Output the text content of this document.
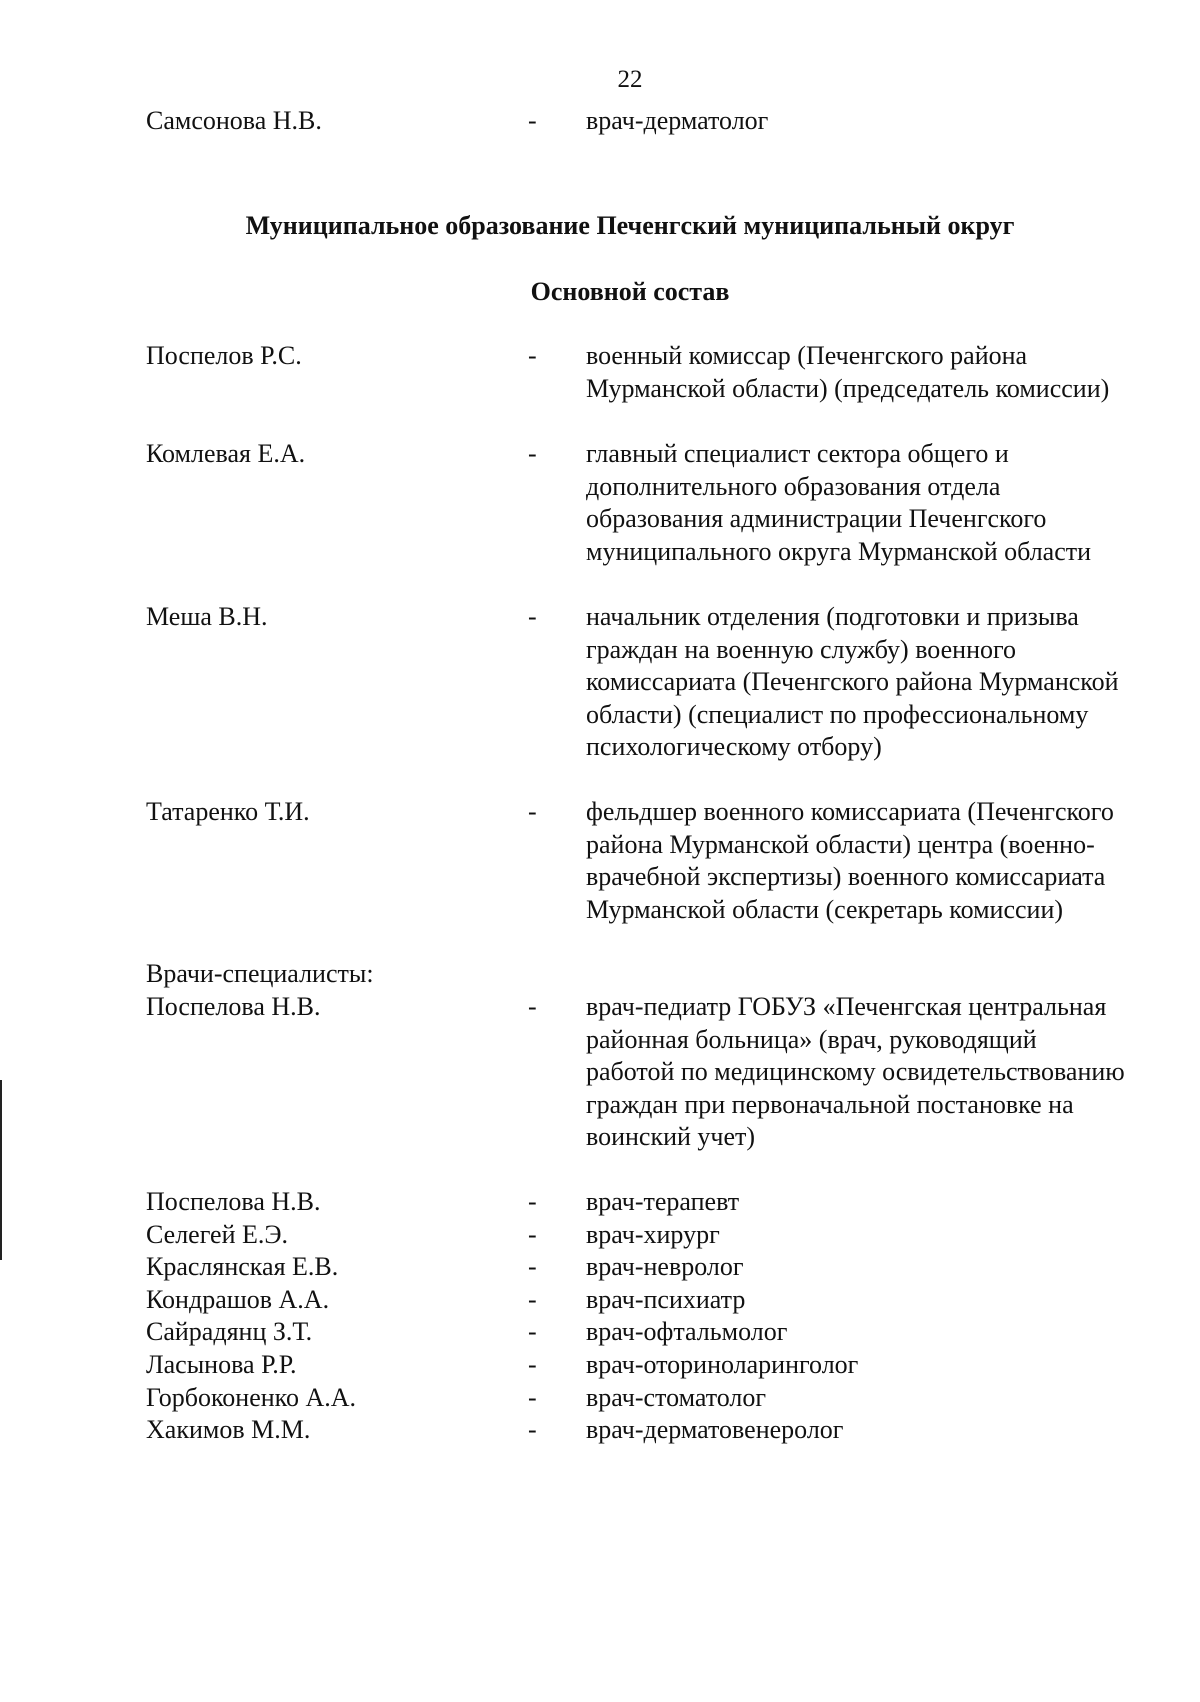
22
Самсонова Н.В.	- врач-дерматолог
Муниципальное образование Печенгский муниципальный округ
Основной состав
Поспелов Р.С.	- военный комиссар (Печенгского района Мурманской области) (председатель комиссии)
Комлевая Е.А.	- главный специалист сектора общего и дополнительного образования отдела образования администрации Печенгского муниципального округа Мурманской области
Меша В.Н.	- начальник отделения (подготовки и призыва граждан на военную службу) военного комиссариата (Печенгского района Мурманской области) (специалист по профессиональному психологическому отбору)
Татаренко Т.И.	- фельдшер военного комиссариата (Печенгского района Мурманской области) центра (военно-врачебной экспертизы) военного комиссариата Мурманской области (секретарь комиссии)
Врачи-специалисты:
Поспелова Н.В.	- врач-педиатр ГОБУЗ «Печенгская центральная районная больница» (врач, руководящий работой по медицинскому освидетельствованию граждан при первоначальной постановке на воинский учет)
Поспелова Н.В.	- врач-терапевт
Селегей Е.Э.	- врач-хирург
Краслянская Е.В.	- врач-невролог
Кондрашов А.А.	- врач-психиатр
Сайрадянц З.Т.	- врач-офтальмолог
Ласынова Р.Р.	- врач-оториноларинголог
Горбоконенко А.А.	- врач-стоматолог
Хакимов М.М.	- врач-дерматовенеролог
